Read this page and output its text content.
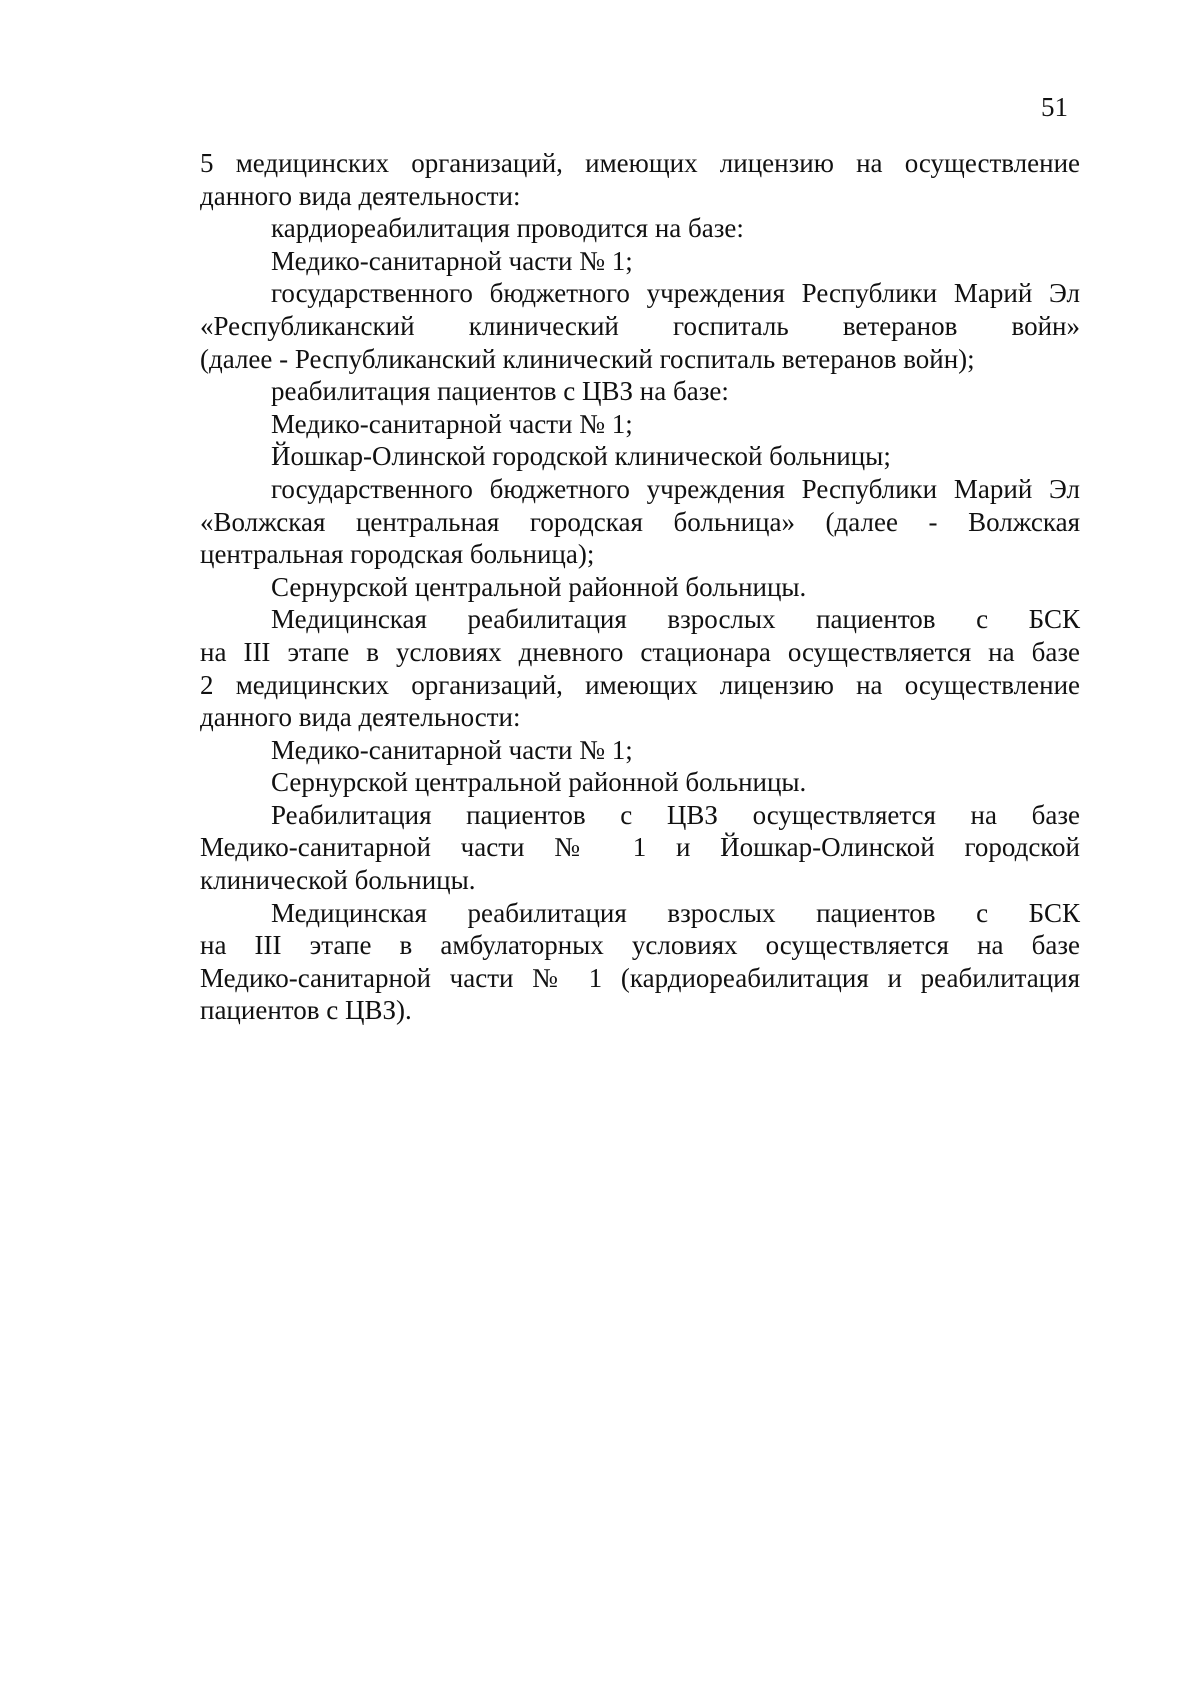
51
5 медицинских организаций, имеющих лицензию на осуществление
данного вида деятельности:
кардиореабилитация проводится на базе:
Медико-санитарной части № 1;
государственного бюджетного учреждения Республики Марий Эл
«Республиканский клинический госпиталь ветеранов войн»
(далее - Республиканский клинический госпиталь ветеранов войн);
реабилитация пациентов с ЦВЗ на базе:
Медико-санитарной части № 1;
Йошкар-Олинской городской клинической больницы;
государственного бюджетного учреждения Республики Марий Эл
«Волжская центральная городская больница» (далее - Волжская
центральная городская больница);
Сернурской центральной районной больницы.
Медицинская реабилитация взрослых пациентов с БСК
на III этапе в условиях дневного стационара осуществляется на базе
2 медицинских организаций, имеющих лицензию на осуществление
данного вида деятельности:
Медико-санитарной части № 1;
Сернурской центральной районной больницы.
Реабилитация пациентов с ЦВЗ осуществляется на базе
Медико-санитарной части № 1 и Йошкар-Олинской городской
клинической больницы.
Медицинская реабилитация взрослых пациентов с БСК
на III этапе в амбулаторных условиях осуществляется на базе
Медико-санитарной части № 1 (кардиореабилитация и реабилитация
пациентов с ЦВЗ).
